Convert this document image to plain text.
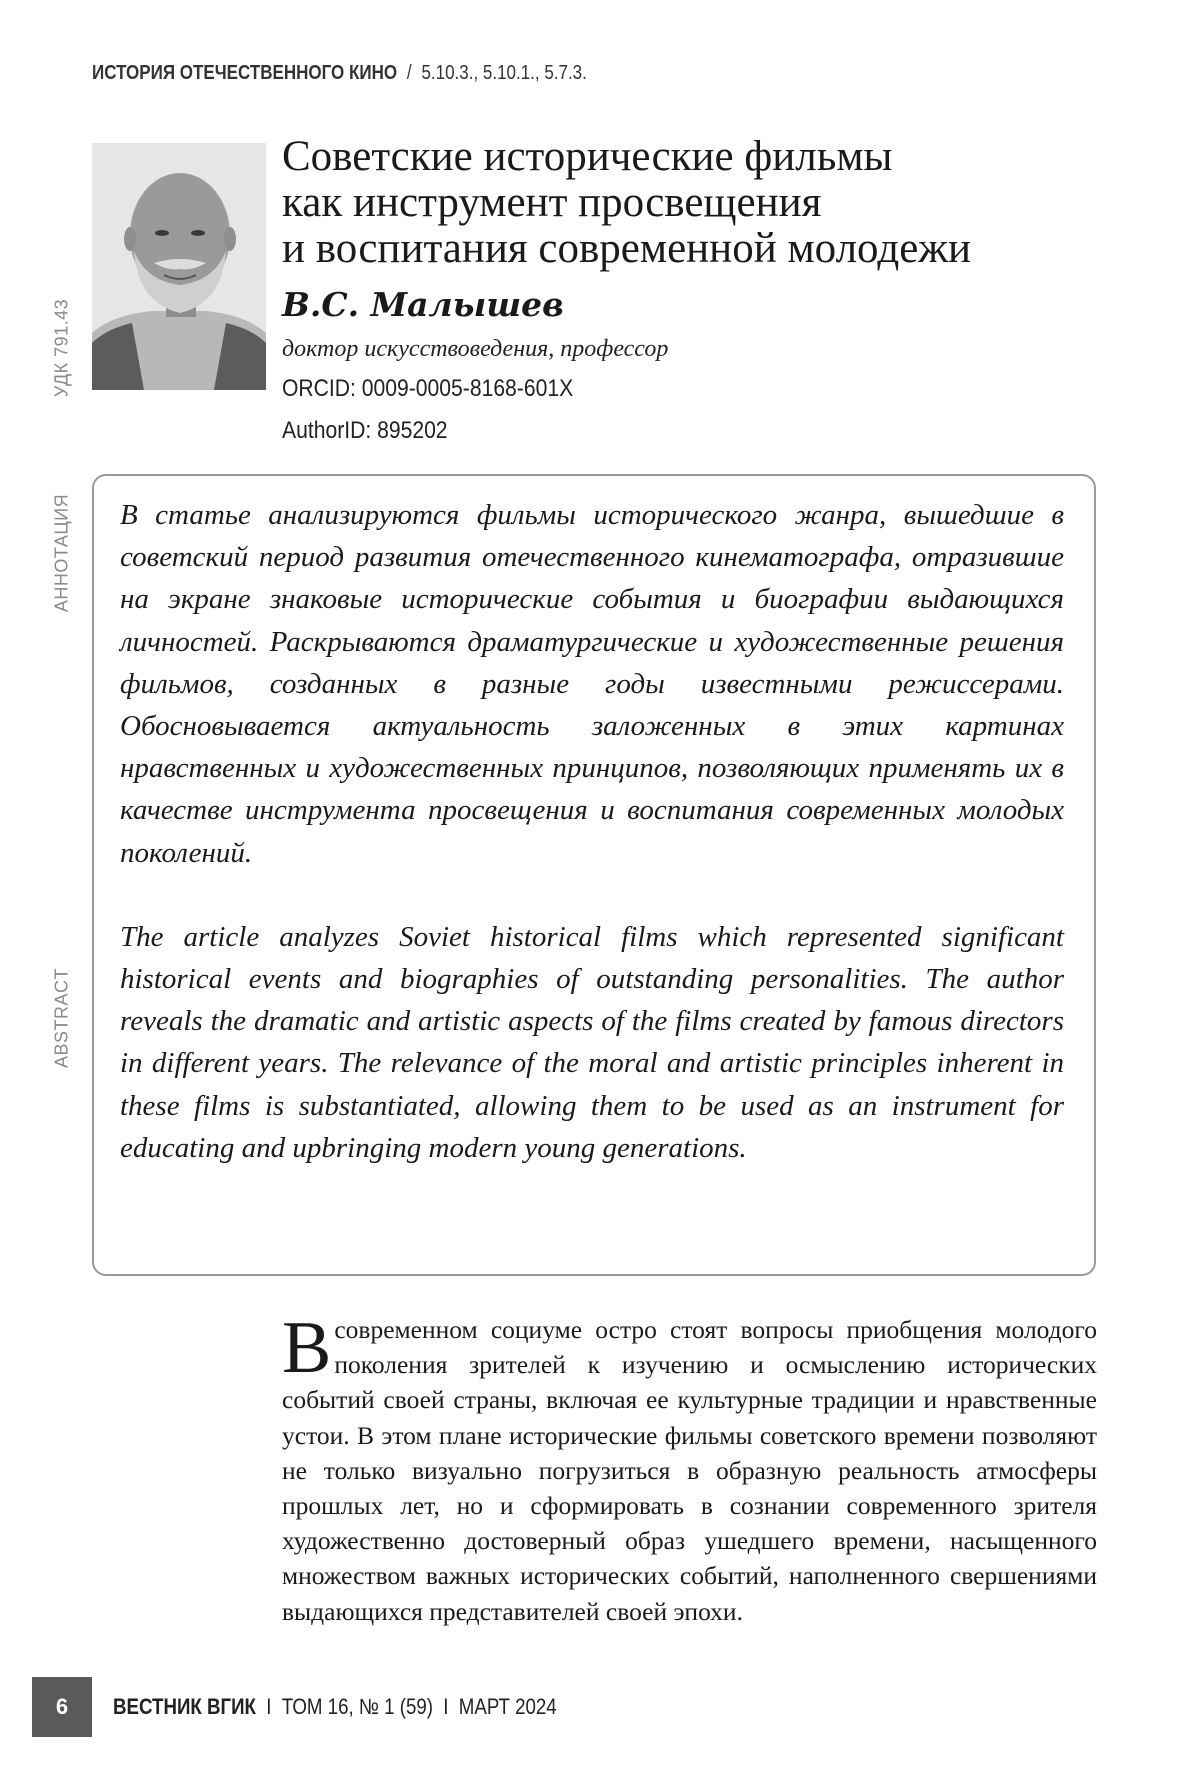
ИСТОРИЯ ОТЕЧЕСТВЕННОГО КИНО / 5.10.3., 5.10.1., 5.7.3.
Советские исторические фильмы
как инструмент просвещения
и воспитания современной молодежи
В.С. Малышев
доктор искусствоведения, профессор
ORCID: 0009-0005-8168-601X
AuthorID: 895202
УДК 791.43
АННОТАЦИЯ
ABSTRACT

В статье анализируются фильмы исторического жанра, вышедшие в советский период развития отечественного кинематографа, отразившие на экране знаковые исторические события и биографии выдающихся личностей. Раскрываются драматургические и художественные решения фильмов, созданных в разные годы известными режиссерами. Обосновывается актуальность заложенных в этих картинах нравственных и художественных принципов, позволяющих применять их в качестве инструмента просвещения и воспитания современных молодых поколений.

The article analyzes Soviet historical films which represented significant historical events and biographies of outstanding personalities. The author reveals the dramatic and artistic aspects of the films created by famous directors in different years. The relevance of the moral and artistic principles inherent in these films is substantiated, allowing them to be used as an instrument for educating and upbringing modern young generations.

В современном социуме остро стоят вопросы приобщения молодого поколения зрителей к изучению и осмыслению исторических событий своей страны, включая ее культурные традиции и нравственные устои. В этом плане исторические фильмы советского времени позволяют не только визуально погрузиться в образную реальность атмосферы прошлых лет, но и сформировать в сознании современного зрителя художественно достоверный образ ушедшего времени, насыщенного множеством важных исторических событий, наполненного свершениями выдающихся представителей своей эпохи.

6	ВЕСТНИК ВГИК I ТОМ 16, № 1 (59) I МАРТ 2024
